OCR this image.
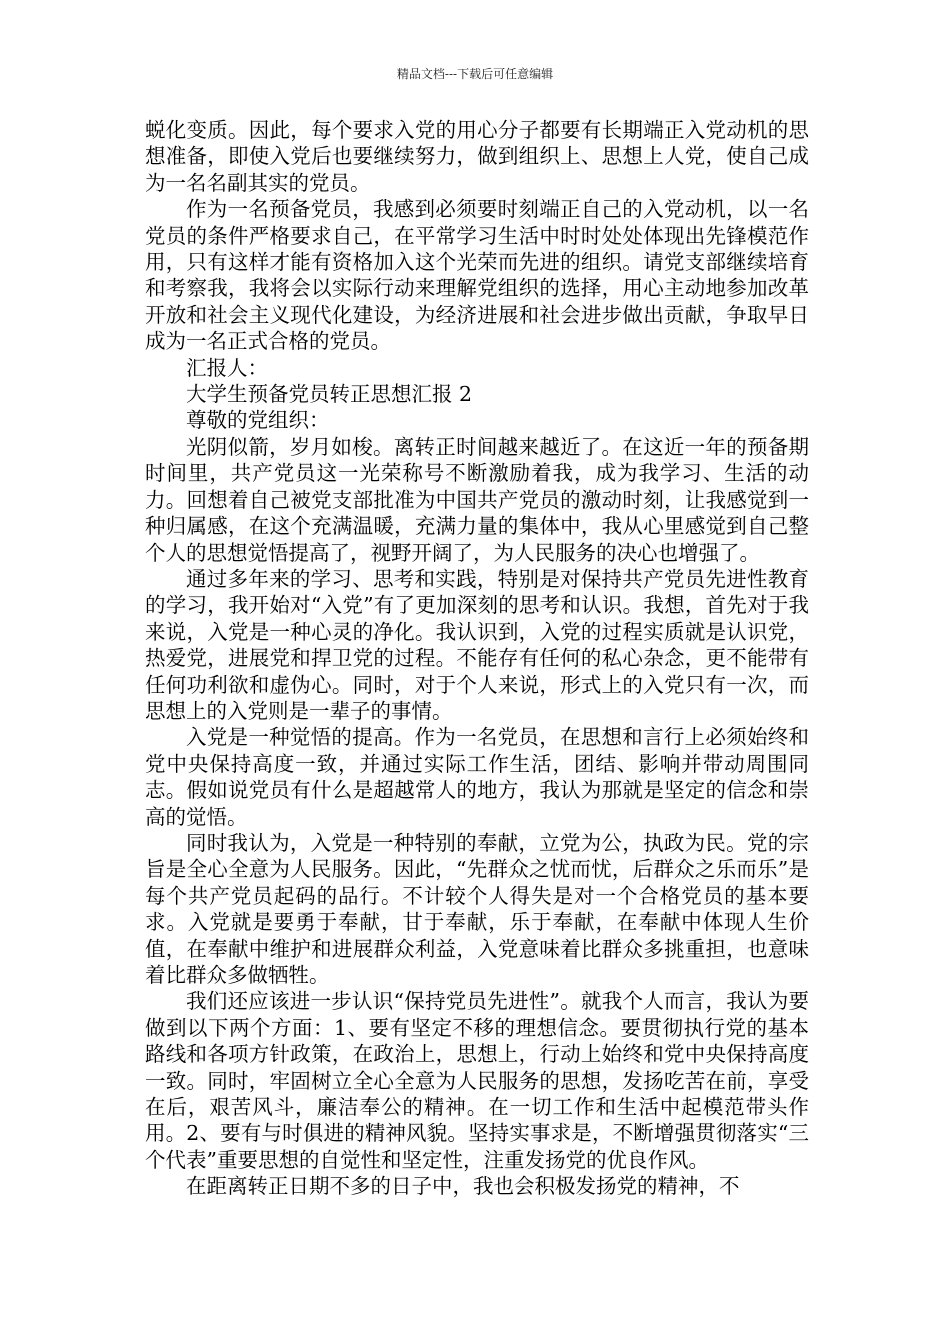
精品文档---下载后可任意编辑

蜕化变质。因此，每个要求入党的用心分子都要有长期端正入党动机的思想准备，即使入党后也要继续努力，做到组织上、思想上人党，使自己成为一名名副其实的党员。

作为一名预备党员，我感到必须要时刻端正自己的入党动机，以一名党员的条件严格要求自己，在平常学习生活中时时处处体现出先锋模范作用，只有这样才能有资格加入这个光荣而先进的组织。请党支部继续培育和考察我，我将会以实际行动来理解党组织的选择，用心主动地参加改革开放和社会主义现代化建设，为经济进展和社会进步做出贡献，争取早日成为一名正式合格的党员。

汇报人：

大学生预备党员转正思想汇报 2

尊敬的党组织：

光阴似箭，岁月如梭。离转正时间越来越近了。在这近一年的预备期时间里，共产党员这一光荣称号不断激励着我，成为我学习、生活的动力。回想着自己被党支部批准为中国共产党员的激动时刻，让我感觉到一种归属感，在这个充满温暖，充满力量的集体中，我从心里感觉到自己整个人的思想觉悟提高了，视野开阔了，为人民服务的决心也增强了。

通过多年来的学习、思考和实践，特别是对保持共产党员先进性教育的学习，我开始对“入党”有了更加深刻的思考和认识。我想，首先对于我来说，入党是一种心灵的净化。我认识到，入党的过程实质就是认识党，热爱党，进展党和捍卫党的过程。不能存有任何的私心杂念，更不能带有任何功利欲和虚伪心。同时，对于个人来说，形式上的入党只有一次，而思想上的入党则是一辈子的事情。

入党是一种觉悟的提高。作为一名党员，在思想和言行上必须始终和党中央保持高度一致，并通过实际工作生活，团结、影响并带动周围同志。假如说党员有什么是超越常人的地方，我认为那就是坚定的信念和崇高的觉悟。

同时我认为，入党是一种特别的奉献，立党为公，执政为民。党的宗旨是全心全意为人民服务。因此，“先群众之忧而忧，后群众之乐而乐”是每个共产党员起码的品行。不计较个人得失是对一个合格党员的基本要求。入党就是要勇于奉献，甘于奉献，乐于奉献，在奉献中体现人生价值，在奉献中维护和进展群众利益，入党意味着比群众多挑重担，也意味着比群众多做牺牲。

我们还应该进一步认识“保持党员先进性”。就我个人而言，我认为要做到以下两个方面：1、要有坚定不移的理想信念。要贯彻执行党的基本路线和各项方针政策，在政治上，思想上，行动上始终和党中央保持高度一致。同时，牢固树立全心全意为人民服务的思想，发扬吃苦在前，享受在后，艰苦风斗，廉洁奉公的精神。在一切工作和生活中起模范带头作用。2、要有与时俱进的精神风貌。坚持实事求是，不断增强贯彻落实“三个代表”重要思想的自觉性和坚定性，注重发扬党的优良作风。

在距离转正日期不多的日子中，我也会积极发扬党的精神，不
